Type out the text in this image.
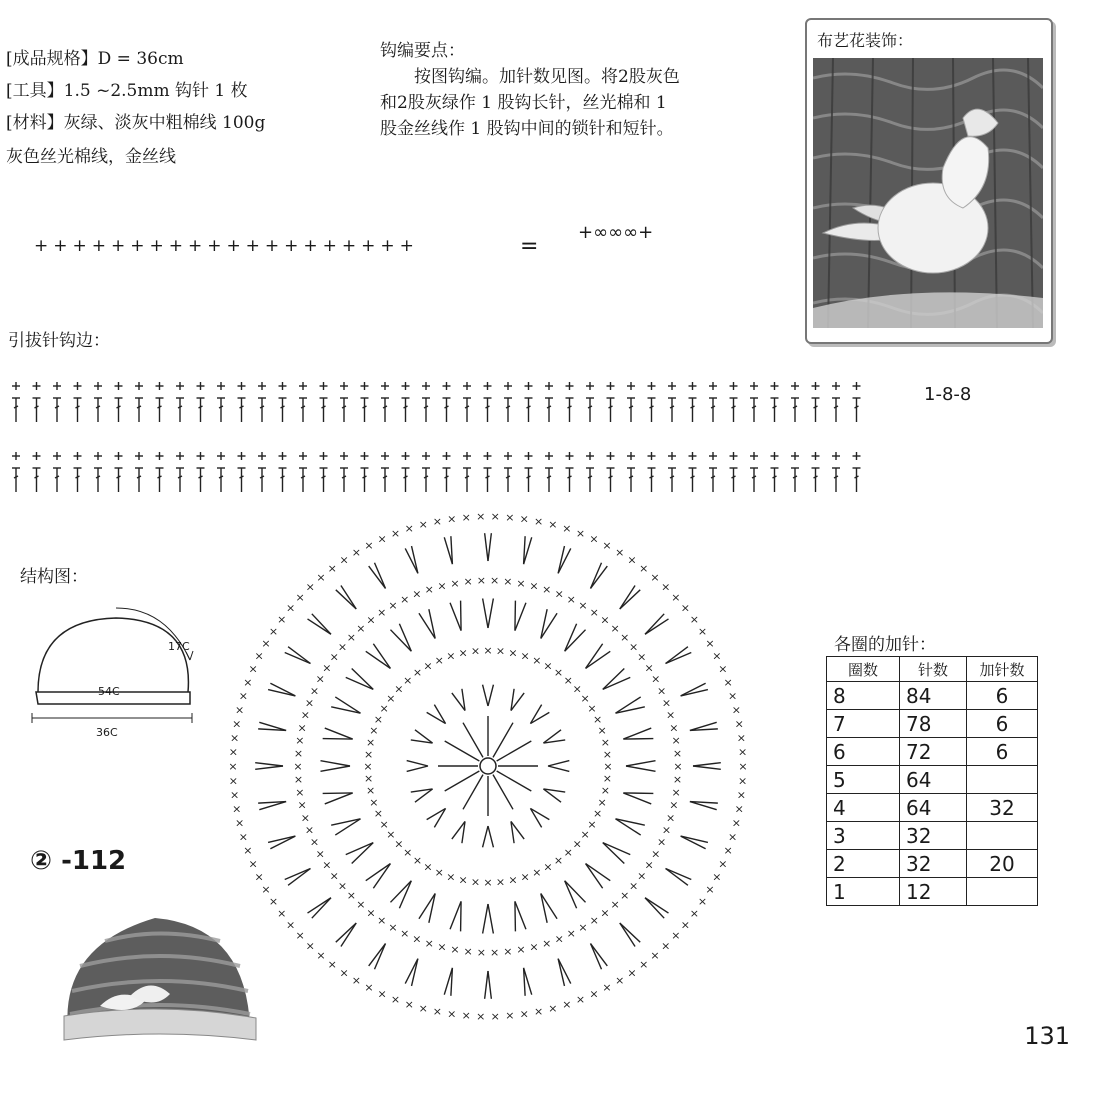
[成品规格】D = 36cm
[工具】1.5 ~2.5mm 钩针 1 枚
[材料】灰绿、淡灰中粗棉线 100g
灰色丝光棉线，金丝线
钩编要点：
按图钩编。加针数见图。将2股灰色和2股灰绿作 1 股钩长针，丝光棉和 1 股金丝线作 1 股钩中间的锁针和短针。
++++++++++++++++++++	=
+∞∞∞+
布艺花装饰：
引拔针钩边：
1-8-8
结构图：
17C
54C
36C
×
×
×
×
×
×
×
×
×
×
×
×
×
×
×
×
×
×
×
×
×
×
×
×
×
×
×
×
×
×
×
×
×
×
×
×
×
×
×
×
×
×
×
×
×
×
×
×
×
×
×
×
×
×
×
×
×
×
×
×
×
×
×
×
×
×
×
×
×
×
×
×
×
×
× × × × × × × × × × × × × × × × × ×
×
×
×
×
×
×
×
×
×
×
×
×
×
×
×
×
×
×
×
×
×
×
×
×
×
×
×
×
×
×
×
×
×
×
×
×
×
×
×
×
×
×
×
×
×
×
×
×
×
×
×
×
×
×
×
×
×
×
× × × × × × × × × × ×
×
×
×
×
×
×
×
×
×
×
×
×
×
×
×
×
×
×
×
×
×
×
×
×
×
×
×
×
×
×
×
×
×
×
×
×
×
×
×
×
×
×
×
×
×
×
×
×
×
×
×
×
×
×
×
×
×
×
×
×
×
×
×
×
×
×
×
×
×
× × × × × × × × × × × × × × × ×
×
×
×
×
×
×
×
×
×
×
×
×
×
×
② -112
各圈的加针：
圈数	针数	加针数
8	84	6
7	78	6
6	72	6
5	64	
4	64	32
3	32	
2	32	20
1	12	
131
